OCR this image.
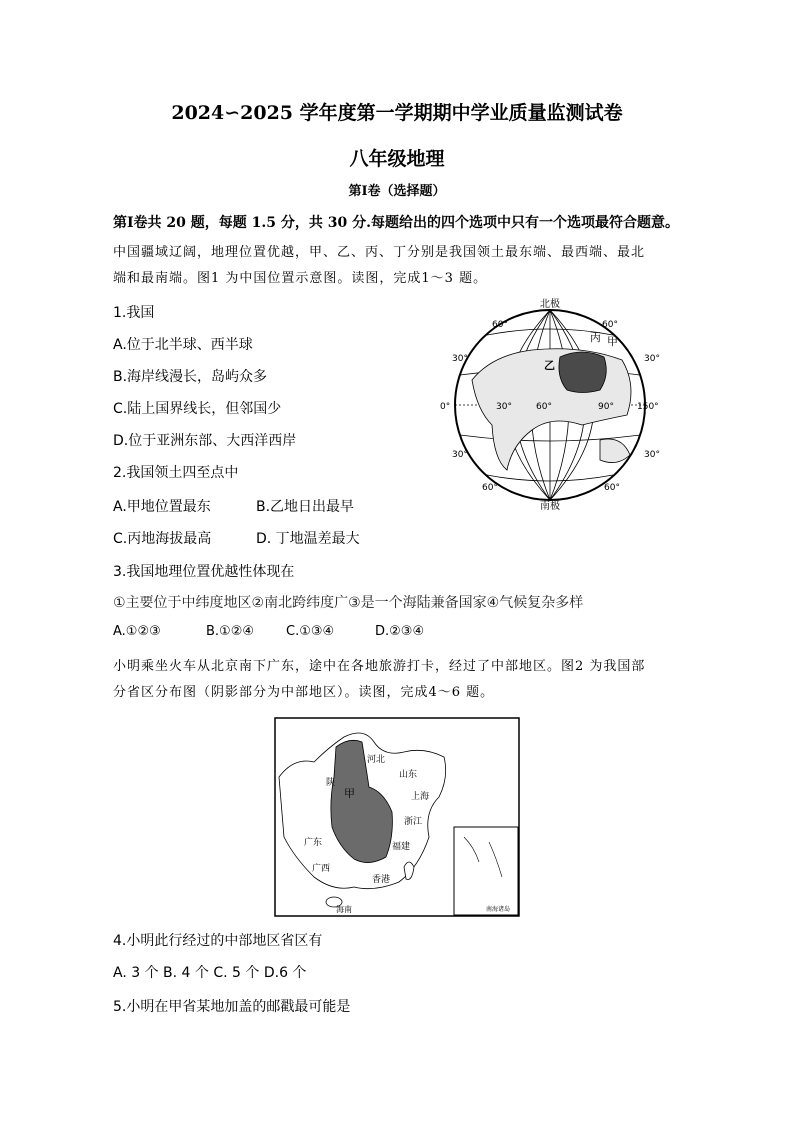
2024∽2025 学年度第一学期期中学业质量监测试卷
八年级地理
第Ⅰ卷（选择题）
第Ⅰ卷共 20 题，每题 1.5 分，共 30 分.每题给出的四个选项中只有一个选项最符合题意。
中国疆域辽阔，地理位置优越，甲、乙、丙、丁分别是我国领土最东端、最西端、最北
端和最南端。图1 为中国位置示意图。读图，完成1～3 题。
1.我国
A.位于北半球、西半球
B.海岸线漫长，岛屿众多
C.陆上国界线长，但邻国少
D.位于亚洲东部、大西洋西岸
2.我国领土四至点中
A.甲地位置最东	B.乙地日出最早
C.丙地海拔最高	D. 丁地温差最大
3.我国地理位置优越性体现在
①主要位于中纬度地区②南北跨纬度广③是一个海陆兼备国家④气候复杂多样
A.①②③	B.①②④ C.①③④	D.②③④
小明乘坐火车从北京南下广东，途中在各地旅游打卡，经过了中部地区。图2 为我国部
分省区分布图（阴影部分为中部地区）。读图，完成4～6 题。
4.小明此行经过的中部地区省区有
A. 3 个 B. 4 个 C. 5 个 D.6 个
5.小明在甲省某地加盖的邮戳最可能是
北极
南极
60°	60°
30°	30°
0°	30°	60°	90°	150°
30°	30°
60°	60°
丙 甲
乙
河北
陕
山东
甲	上海
浙江
福建
广东
广西
香港
海南	南海诸岛
